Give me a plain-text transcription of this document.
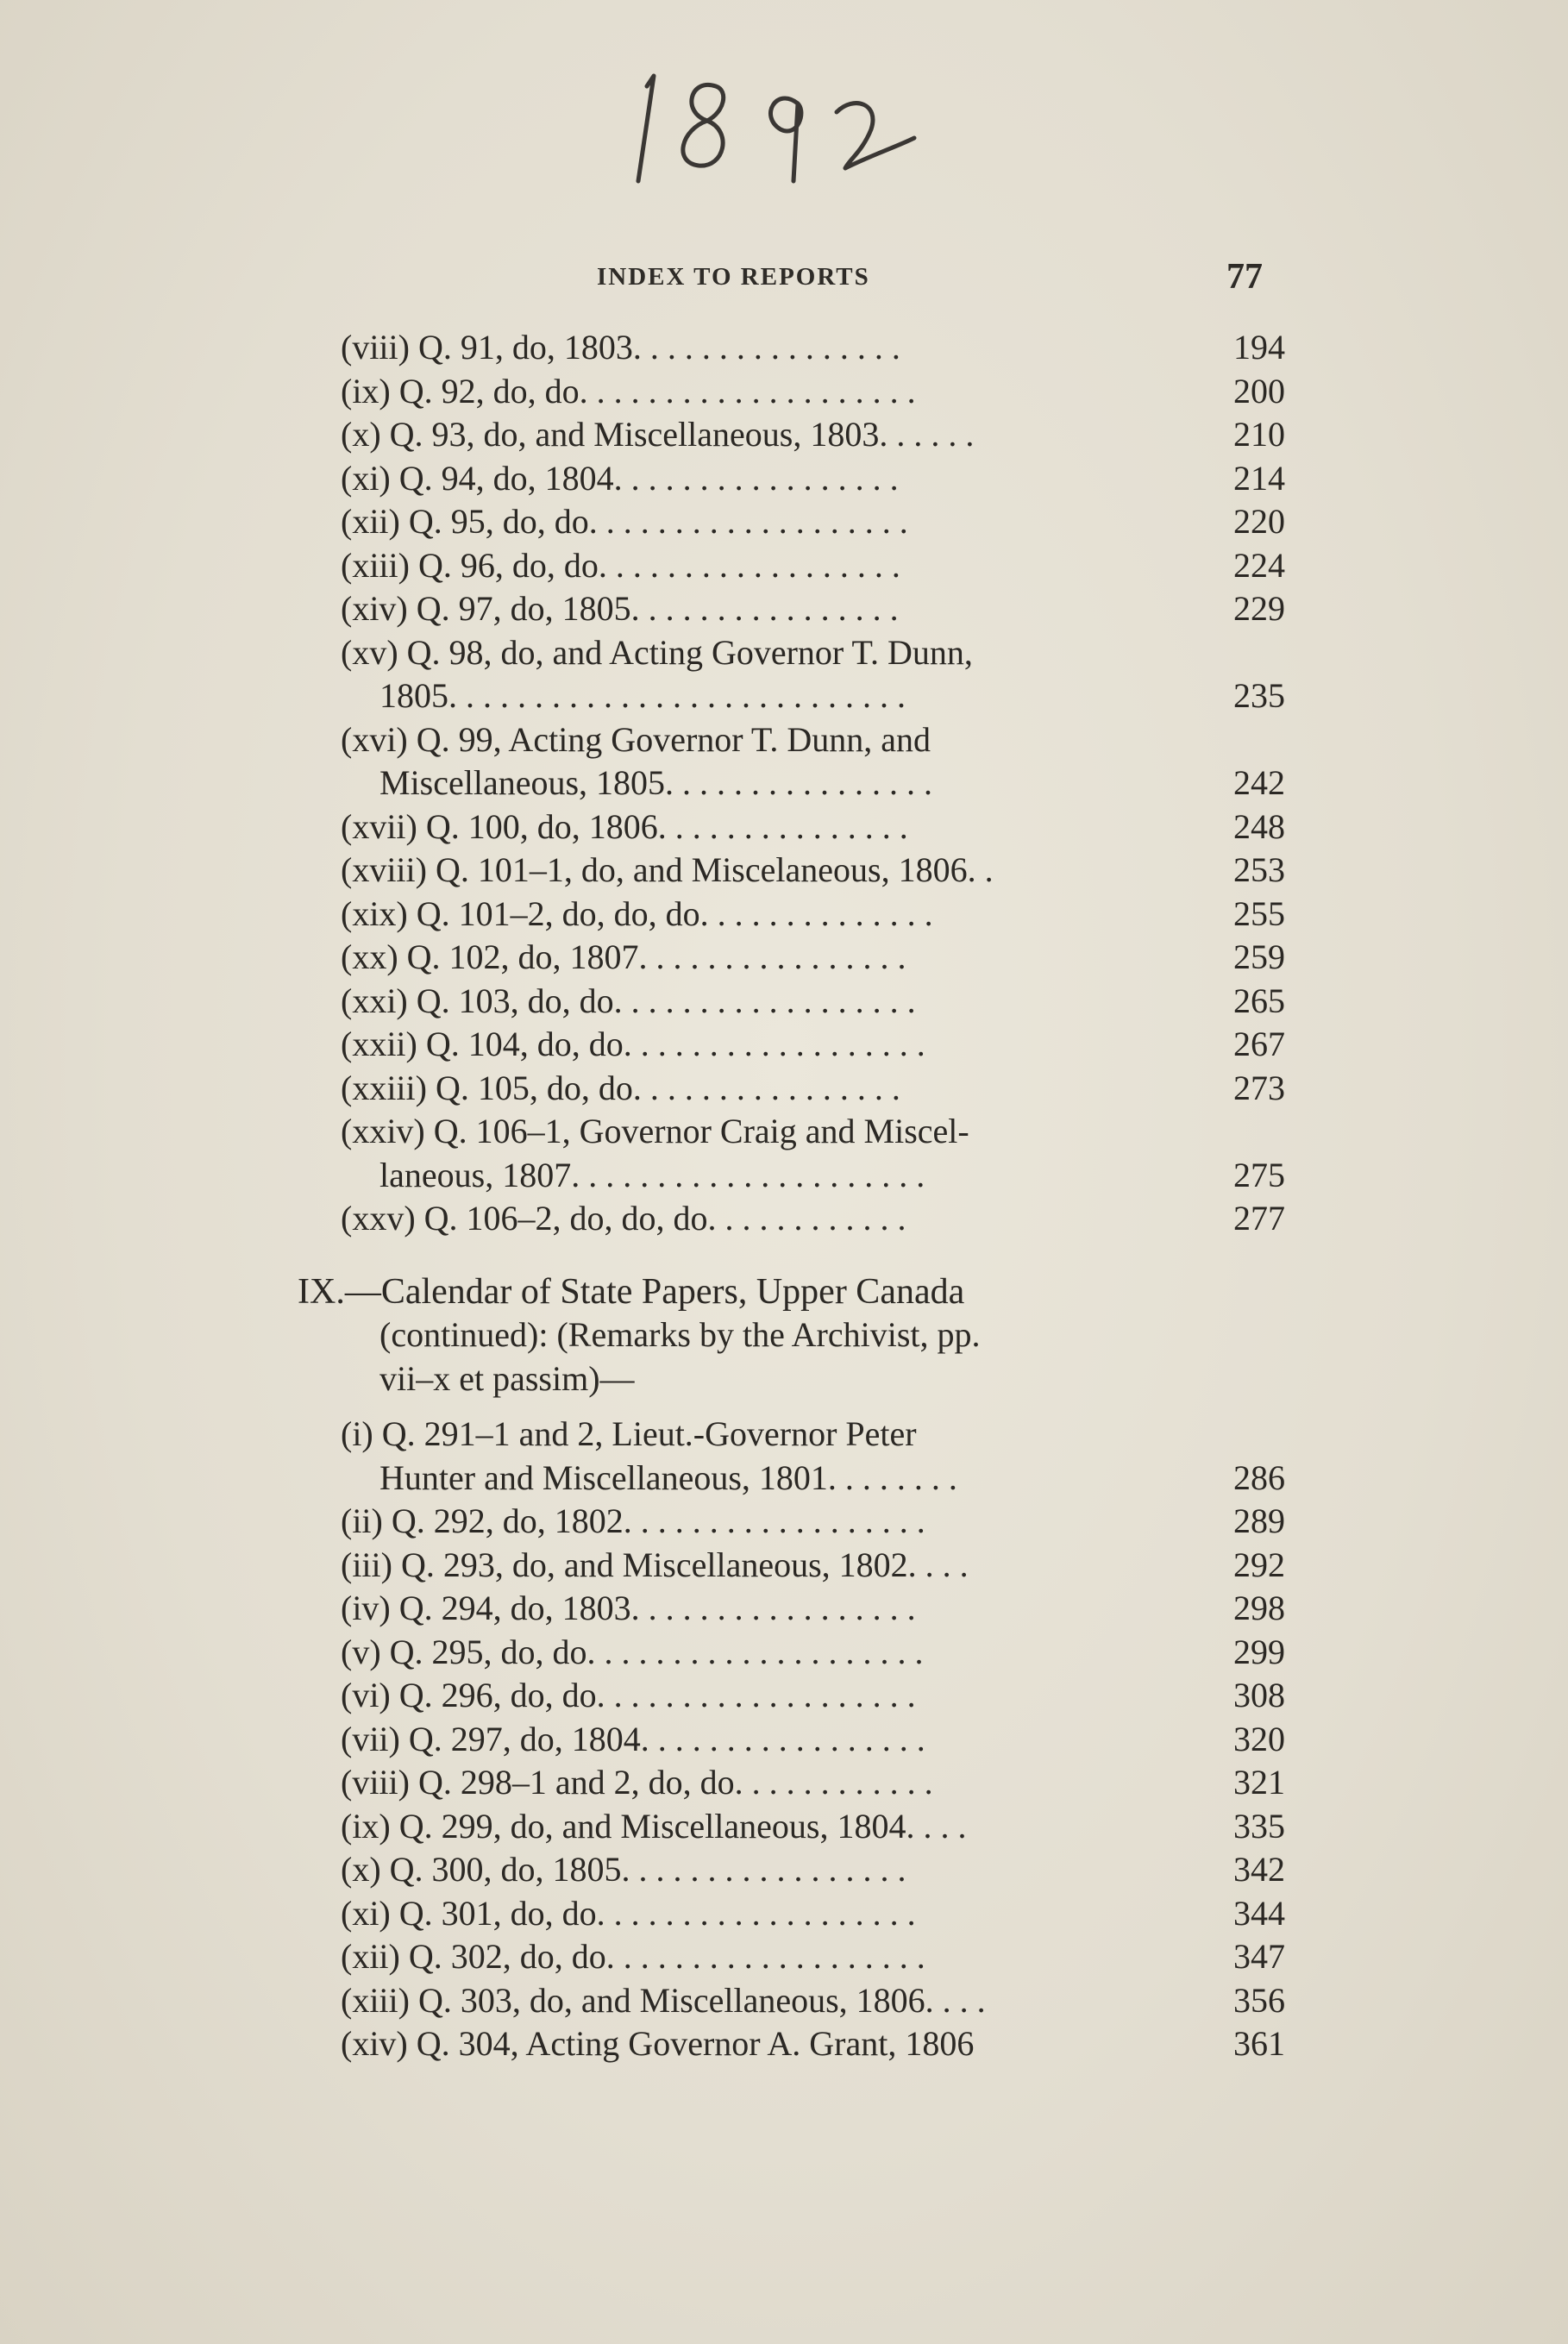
INDEX TO REPORTS	77
(viii) Q. 91, do, 1803. . . . . . . . . . . . . . . .	194
(ix) Q. 92, do, do. . . . . . . . . . . . . . . . . . . .	200
(x) Q. 93, do, and Miscellaneous, 1803. . . . . .	210
(xi) Q. 94, do, 1804. . . . . . . . . . . . . . . . .	214
(xii) Q. 95, do, do. . . . . . . . . . . . . . . . . . .	220
(xiii) Q. 96, do, do. . . . . . . . . . . . . . . . . .	224
(xiv) Q. 97, do, 1805. . . . . . . . . . . . . . . .	229
(xv) Q. 98, do, and Acting Governor T. Dunn,
1805. . . . . . . . . . . . . . . . . . . . . . . . . . .	235
(xvi) Q. 99, Acting Governor T. Dunn, and
Miscellaneous, 1805. . . . . . . . . . . . . . . .	242
(xvii) Q. 100, do, 1806. . . . . . . . . . . . . . .	248
(xviii) Q. 101–1, do, and Miscelaneous, 1806. .	253
(xix) Q. 101–2, do, do, do. . . . . . . . . . . . . .	255
(xx) Q. 102, do, 1807. . . . . . . . . . . . . . . .	259
(xxi) Q. 103, do, do. . . . . . . . . . . . . . . . . .	265
(xxii) Q. 104, do, do. . . . . . . . . . . . . . . . . .	267
(xxiii) Q. 105, do, do. . . . . . . . . . . . . . . .	273
(xxiv) Q. 106–1, Governor Craig and Miscel-
laneous, 1807. . . . . . . . . . . . . . . . . . . . .	275
(xxv) Q. 106–2, do, do, do. . . . . . . . . . . .	277
IX.—Calendar of State Papers, Upper Canada
(continued): (Remarks by the Archivist, pp.
vii–x et passim)—
(i) Q. 291–1 and 2, Lieut.-Governor Peter
Hunter and Miscellaneous, 1801. . . . . . . .	286
(ii) Q. 292, do, 1802. . . . . . . . . . . . . . . . . .	289
(iii) Q. 293, do, and Miscellaneous, 1802. . . .	292
(iv) Q. 294, do, 1803. . . . . . . . . . . . . . . . .	298
(v) Q. 295, do, do. . . . . . . . . . . . . . . . . . . .	299
(vi) Q. 296, do, do. . . . . . . . . . . . . . . . . . .	308
(vii) Q. 297, do, 1804. . . . . . . . . . . . . . . . .	320
(viii) Q. 298–1 and 2, do, do. . . . . . . . . . . .	321
(ix) Q. 299, do, and Miscellaneous, 1804. . . .	335
(x) Q. 300, do, 1805. . . . . . . . . . . . . . . . .	342
(xi) Q. 301, do, do. . . . . . . . . . . . . . . . . . .	344
(xii) Q. 302, do, do. . . . . . . . . . . . . . . . . . .	347
(xiii) Q. 303, do, and Miscellaneous, 1806. . . .	356
(xiv) Q. 304, Acting Governor A. Grant, 1806	361
